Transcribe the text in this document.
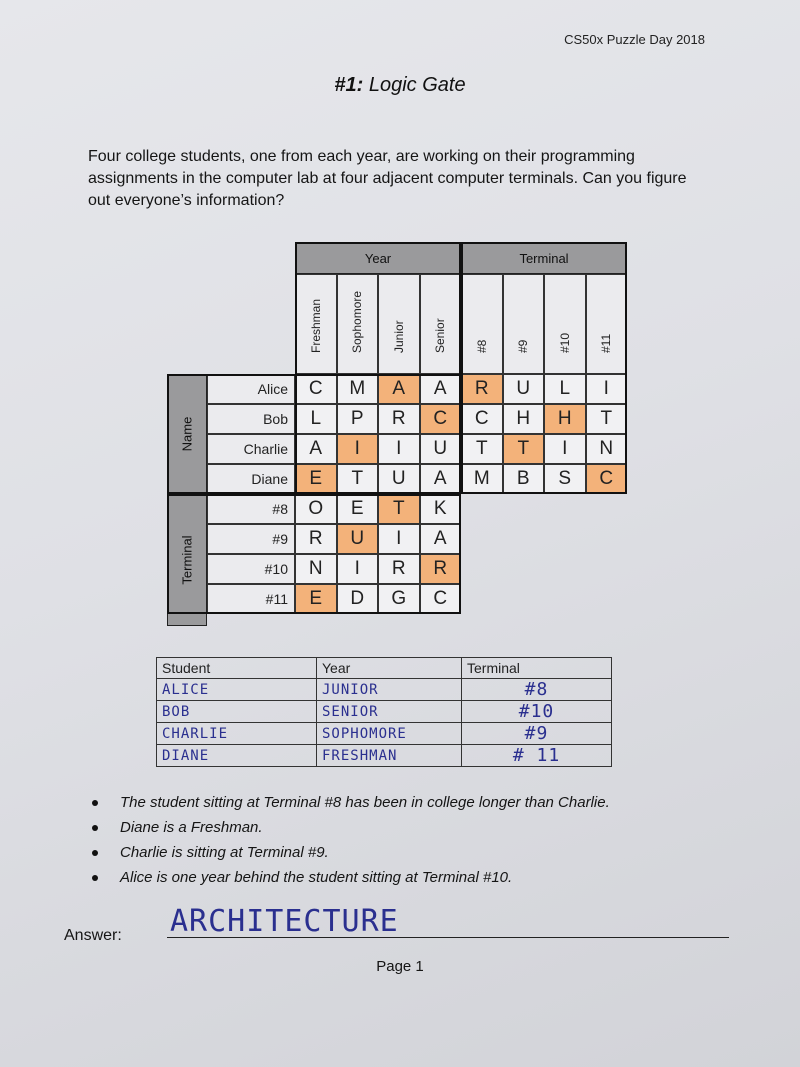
CS50x Puzzle Day 2018
#1: Logic Gate
Four college students, one from each year, are working on their programming assignments in the computer lab at four adjacent computer terminals. Can you figure out everyone’s information?
Year	Terminal
Name
Terminal
Freshman Sophomore Junior Senior #8 #9 #10 #11
Alice	C	M	A	A	R	U	L	I
Bob	L	P	R	C	C	H	H	T
Charlie	A	I	I	U	T	T	I	N
Diane	E	T	U	A	M	B	S	C
#8	O	E	T	K
#9	R	U	I	A
#10	N	I	R	R
#11	E	D	G	C
Student	Year	Terminal
ALICE	JUNIOR	#8
BOB	SENIOR	#10
CHARLIE	SOPHOMORE	#9
DIANE	FRESHMAN	# 11
The student sitting at Terminal #8 has been in college longer than Charlie.
Diane is a Freshman.
Charlie is sitting at Terminal #9.
Alice is one year behind the student sitting at Terminal #10.
Answer: ARCHITECTURE
Page 1
